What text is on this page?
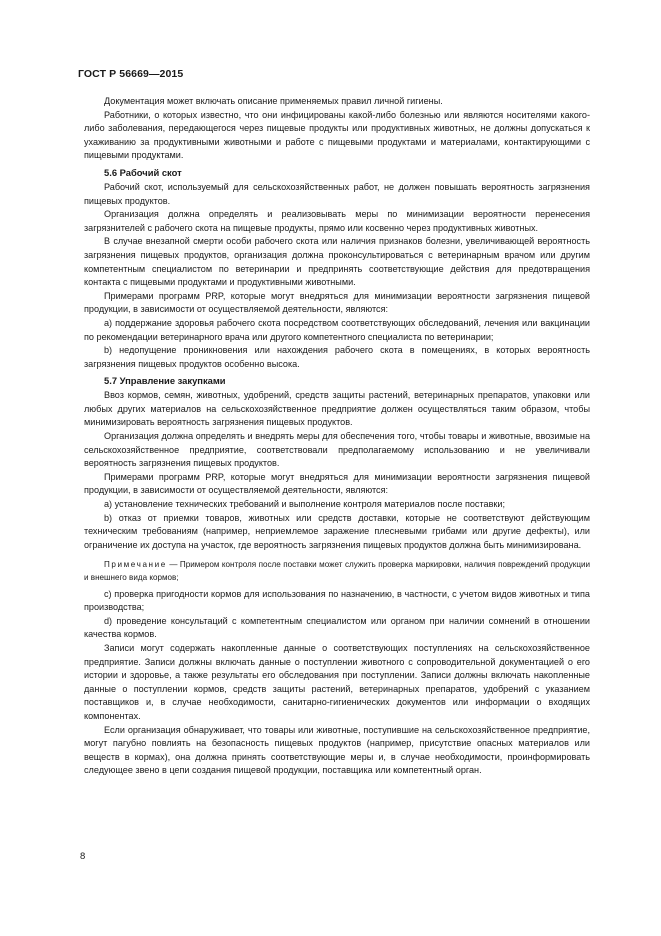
ГОСТ Р 56669—2015

Документация может включать описание применяемых правил личной гигиены.

Работники, о которых известно, что они инфицированы какой-либо болезнью или являются носителями какого-либо заболевания, передающегося через пищевые продукты или продуктивных животных, не должны допускаться к ухаживанию за продуктивными животными и работе с пищевыми продуктами и материалами, контактирующими с пищевыми продуктами.

5.6 Рабочий скот

Рабочий скот, используемый для сельскохозяйственных работ, не должен повышать вероятность загрязнения пищевых продуктов.

Организация должна определять и реализовывать меры по минимизации вероятности перенесения загрязнителей с рабочего скота на пищевые продукты, прямо или косвенно через продуктивных животных.

В случае внезапной смерти особи рабочего скота или наличия признаков болезни, увеличивающей вероятность загрязнения пищевых продуктов, организация должна проконсультироваться с ветеринарным врачом или другим компетентным специалистом по ветеринарии и предпринять соответствующие действия для предотвращения контакта с пищевыми продуктами и продуктивными животными.

Примерами программ PRP, которые могут внедряться для минимизации вероятности загрязнения пищевой продукции, в зависимости от осуществляемой деятельности, являются:

a) поддержание здоровья рабочего скота посредством соответствующих обследований, лечения или вакцинации по рекомендации ветеринарного врача или другого компетентного специалиста по ветеринарии;

b) недопущение проникновения или нахождения рабочего скота в помещениях, в которых вероятность загрязнения пищевых продуктов особенно высока.

5.7 Управление закупками

Ввоз кормов, семян, животных, удобрений, средств защиты растений, ветеринарных препаратов, упаковки или любых других материалов на сельскохозяйственное предприятие должен осуществляться таким образом, чтобы минимизировать вероятность загрязнения пищевых продуктов.

Организация должна определять и внедрять меры для обеспечения того, чтобы товары и животные, ввозимые на сельскохозяйственное предприятие, соответствовали предполагаемому использованию и не увеличивали вероятность загрязнения пищевых продуктов.

Примерами программ PRP, которые могут внедряться для минимизации вероятности загрязнения пищевой продукции, в зависимости от осуществляемой деятельности, являются:

a) установление технических требований и выполнение контроля материалов после поставки;

b) отказ от приемки товаров, животных или средств доставки, которые не соответствуют действующим техническим требованиям (например, неприемлемое заражение плесневыми грибами или другие дефекты), или ограничение их доступа на участок, где вероятность загрязнения пищевых продуктов должна быть минимизирована.

Примечание — Примером контроля после поставки может служить проверка маркировки, наличия повреждений продукции и внешнего вида кормов;

c) проверка пригодности кормов для использования по назначению, в частности, с учетом видов животных и типа производства;

d) проведение консультаций с компетентным специалистом или органом при наличии сомнений в отношении качества кормов.

Записи могут содержать накопленные данные о соответствующих поступлениях на сельскохозяйственное предприятие. Записи должны включать данные о поступлении животного с сопроводительной документацией о его истории и здоровье, а также результаты его обследования при поступлении. Записи должны включать накопленные данные о поступлении кормов, средств защиты растений, ветеринарных препаратов, удобрений с указанием поставщиков и, в случае необходимости, санитарно-гигиенических документов или информации о входящих компонентах.

Если организация обнаруживает, что товары или животные, поступившие на сельскохозяйственное предприятие, могут пагубно повлиять на безопасность пищевых продуктов (например, присутствие опасных материалов или веществ в кормах), она должна принять соответствующие меры и, в случае необходимости, проинформировать следующее звено в цепи создания пищевой продукции, поставщика или компетентный орган.

8
